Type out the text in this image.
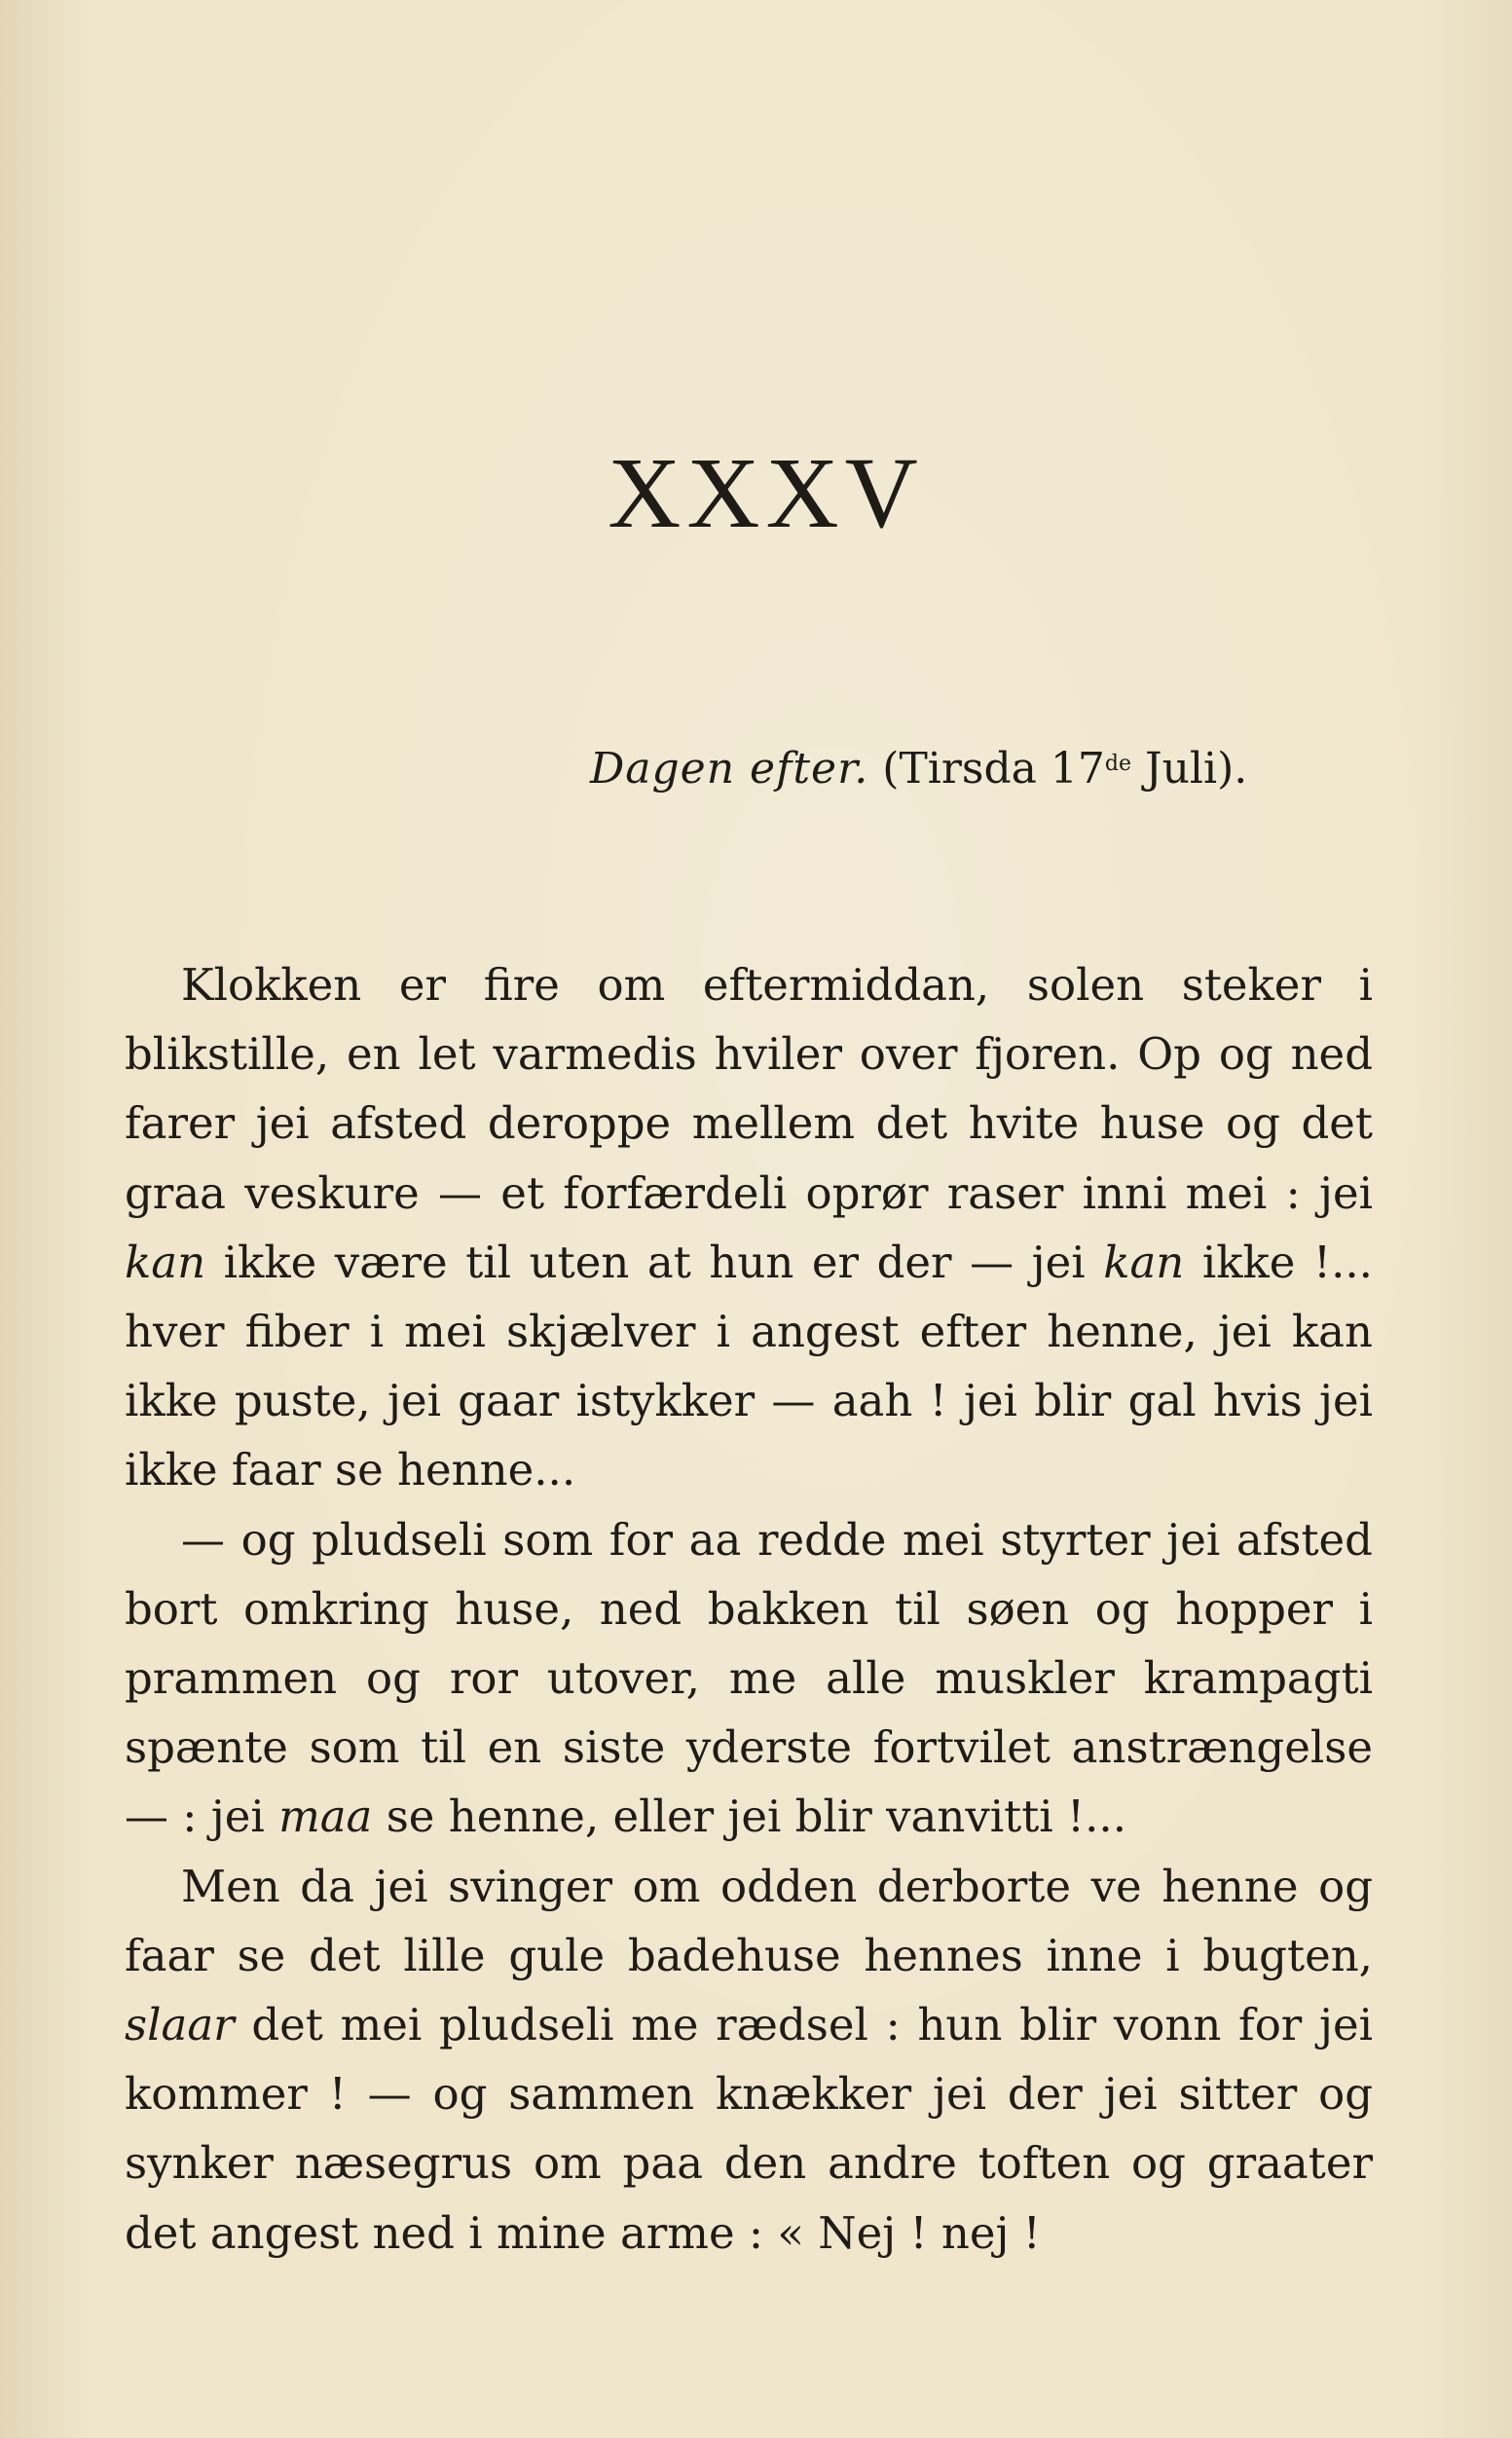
XXXV
Dagen efter. (Tirsda 17de Juli).

Klokken er fire om eftermiddan, solen steker i blikstille, en let varmedis hviler over fjoren. Op og ned farer jei afsted deroppe mellem det hvite huse og det graa veskure — et forfærdeli oprør raser inni mei : jei kan ikke være til uten at hun er der — jei kan ikke !... hver fiber i mei skjælver i angest efter henne, jei kan ikke puste, jei gaar istykker — aah ! jei blir gal hvis jei ikke faar se henne...

— og pludseli som for aa redde mei styrter jei afsted bort omkring huse, ned bakken til søen og hopper i prammen og ror utover, me alle muskler krampagti spænte som til en siste yderste fortvilet anstrængelse — : jei maa se henne, eller jei blir vanvitti !...

Men da jei svinger om odden derborte ve henne og faar se det lille gule badehuse hennes inne i bugten, slaar det mei pludseli me rædsel : hun blir vonn for jei kommer ! — og sammen knækker jei der jei sitter og synker næsegrus om paa den andre toften og graater det angest ned i mine arme : « Nej ! nej !
